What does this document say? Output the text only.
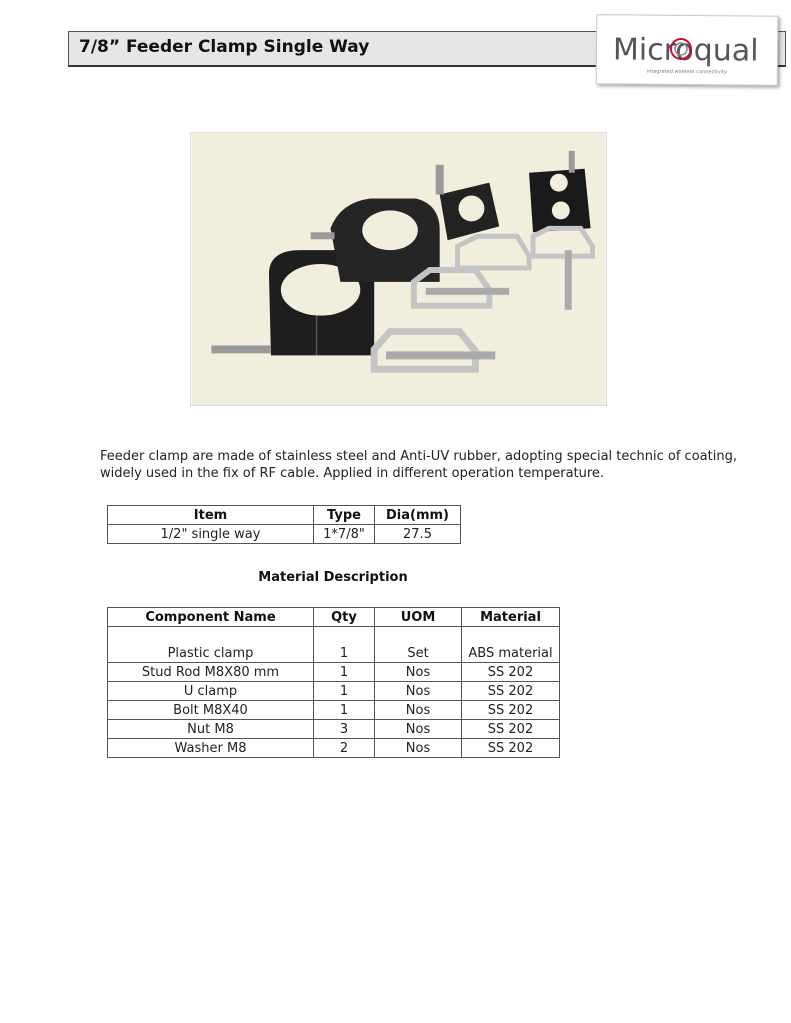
7/8” Feeder Clamp Single Way	Microqual
integrated wireless connectivity
Feeder clamp are made of stainless steel and Anti-UV rubber, adopting special technic of coating, widely used in the fix of RF cable. Applied in different operation temperature.
Item	Type	Dia(mm)
1/2" single way	1*7/8"	27.5
Material Description
Component Name	Qty	UOM	Material
Plastic clamp	1	Set	ABS material
Stud Rod M8X80 mm	1	Nos	SS 202
U clamp	1	Nos	SS 202
Bolt M8X40	1	Nos	SS 202
Nut M8	3	Nos	SS 202
Washer M8	2	Nos	SS 202
